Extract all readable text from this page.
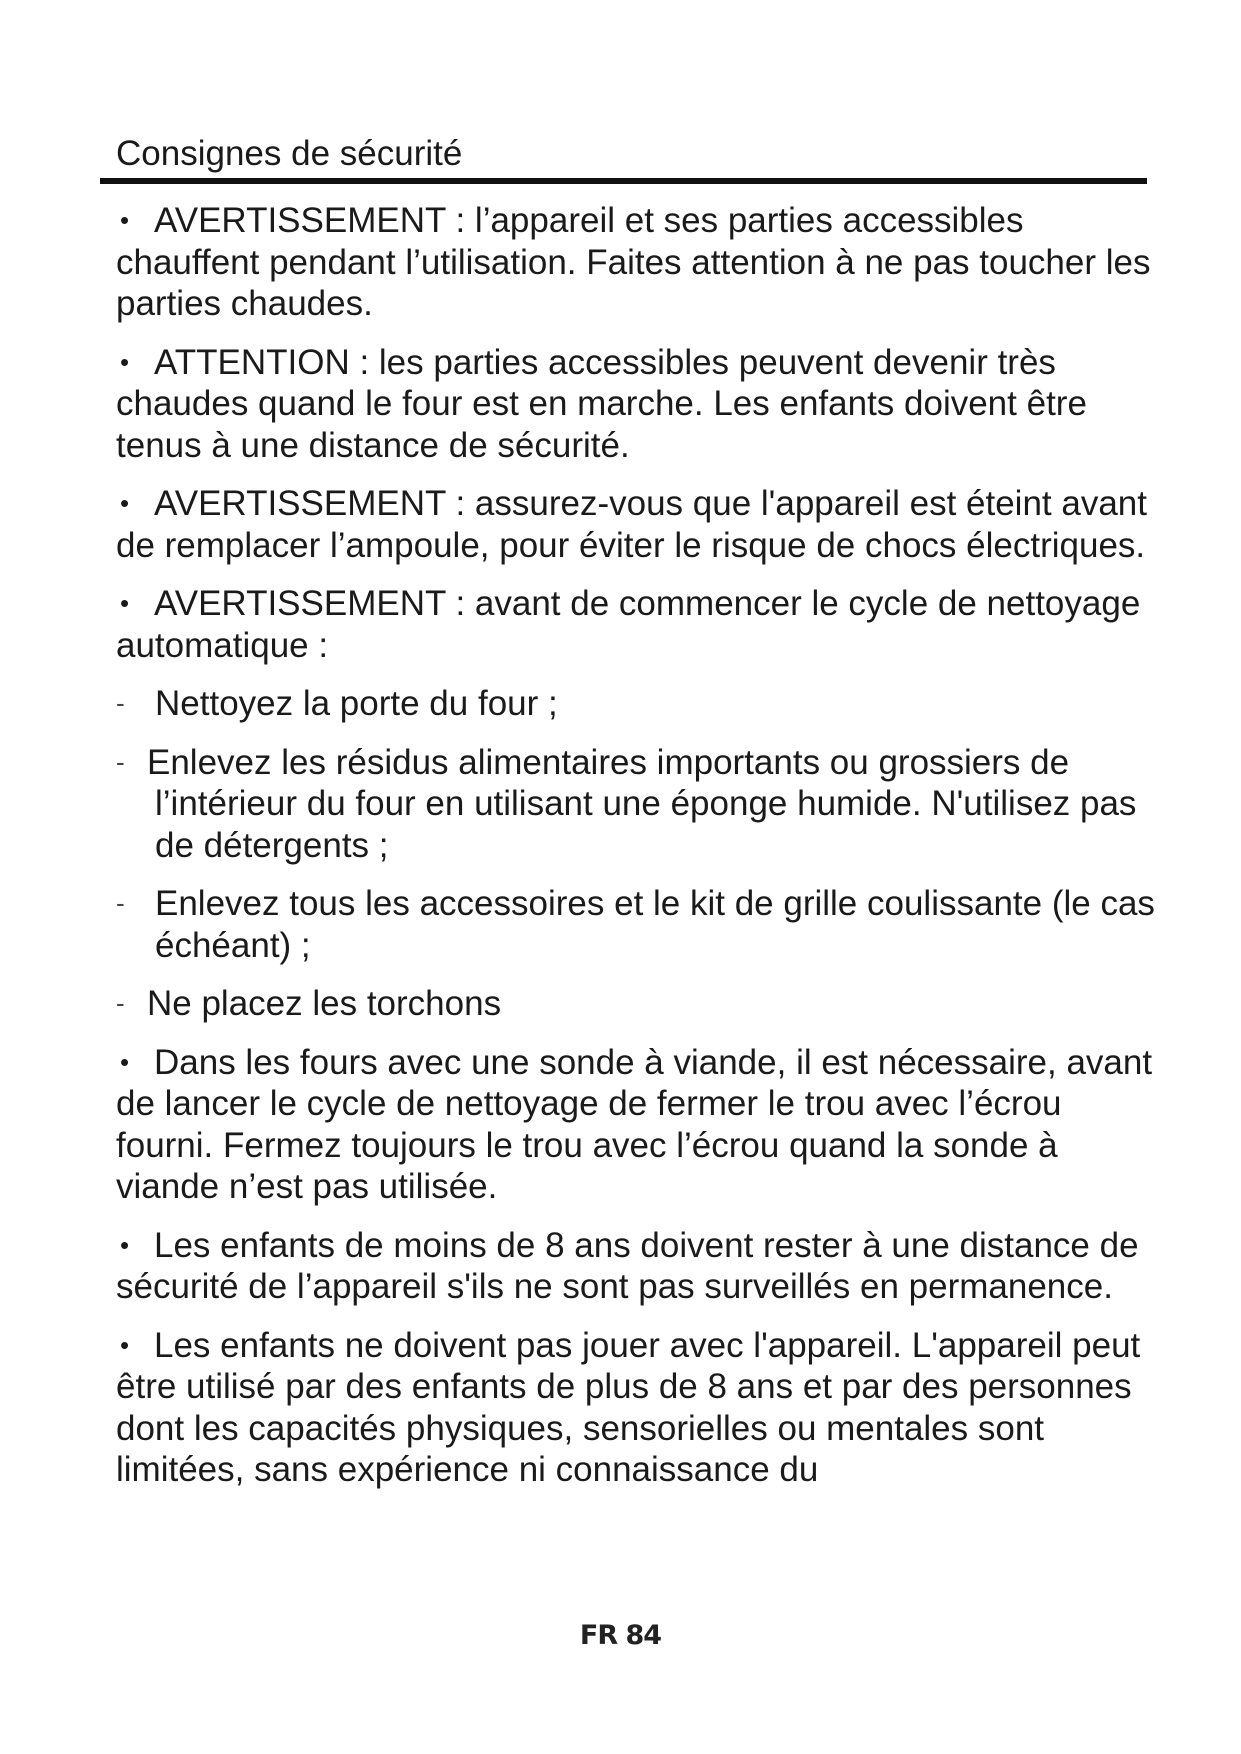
Consignes de sécurité

• AVERTISSEMENT : l’appareil et ses parties accessibles chauffent pendant l’utilisation. Faites attention à ne pas toucher les parties chaudes.

• ATTENTION : les parties accessibles peuvent devenir très chaudes quand le four est en marche. Les enfants doivent être tenus à une distance de sécurité.

• AVERTISSEMENT : assurez-vous que l'appareil est éteint avant de remplacer l’ampoule, pour éviter le risque de chocs électriques.

• AVERTISSEMENT : avant de commencer le cycle de nettoyage automatique :

- Nettoyez la porte du four ;

- Enlevez les résidus alimentaires importants ou grossiers de l’intérieur du four en utilisant une éponge humide. N'utilisez pas de détergents ;

- Enlevez tous les accessoires et le kit de grille coulissante (le cas échéant) ;

- Ne placez les torchons

• Dans les fours avec une sonde à viande, il est nécessaire, avant de lancer le cycle de nettoyage de fermer le trou avec l’écrou fourni. Fermez toujours le trou avec l’écrou quand la sonde à viande n’est pas utilisée.

• Les enfants de moins de 8 ans doivent rester à une distance de sécurité de l’appareil s'ils ne sont pas surveillés en permanence.

• Les enfants ne doivent pas jouer avec l'appareil. L'appareil peut être utilisé par des enfants de plus de 8 ans et par des personnes dont les capacités physiques, sensorielles ou mentales sont limitées, sans expérience ni connaissance du

FR 84
